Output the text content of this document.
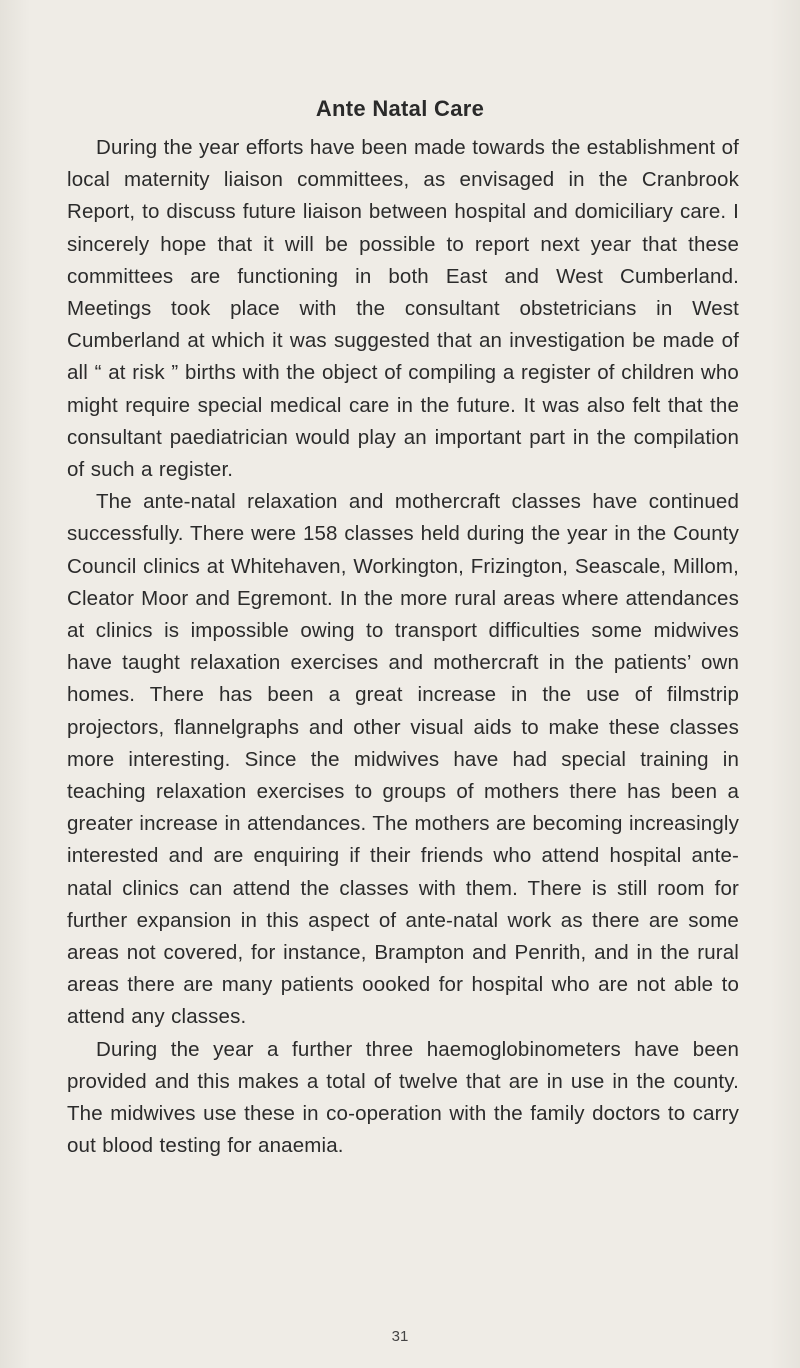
Ante Natal Care

During the year efforts have been made towards the establishment of local maternity liaison committees, as envisaged in the Cranbrook Report, to discuss future liaison between hospital and domiciliary care. I sincerely hope that it will be possible to report next year that these committees are functioning in both East and West Cumberland. Meetings took place with the consultant obstetricians in West Cumberland at which it was suggested that an investigation be made of all “ at risk ” births with the object of compiling a register of children who might require special medical care in the future. It was also felt that the consultant paediatrician would play an important part in the compilation of such a register.

The ante-natal relaxation and mothercraft classes have continued successfully. There were 158 classes held during the year in the County Council clinics at Whitehaven, Workington, Frizington, Seascale, Millom, Cleator Moor and Egremont. In the more rural areas where attendances at clinics is impossible owing to transport difficulties some midwives have taught relaxation exercises and mothercraft in the patients’ own homes. There has been a great increase in the use of filmstrip projectors, flannelgraphs and other visual aids to make these classes more interesting. Since the midwives have had special training in teaching relaxation exercises to groups of mothers there has been a greater increase in attendances. The mothers are becoming increasingly interested and are enquiring if their friends who attend hospital ante-natal clinics can attend the classes with them. There is still room for further expansion in this aspect of ante-natal work as there are some areas not covered, for instance, Brampton and Penrith, and in the rural areas there are many patients oooked for hospital who are not able to attend any classes.

During the year a further three haemoglobinometers have been provided and this makes a total of twelve that are in use in the county. The midwives use these in co-operation with the family doctors to carry out blood testing for anaemia.

31
